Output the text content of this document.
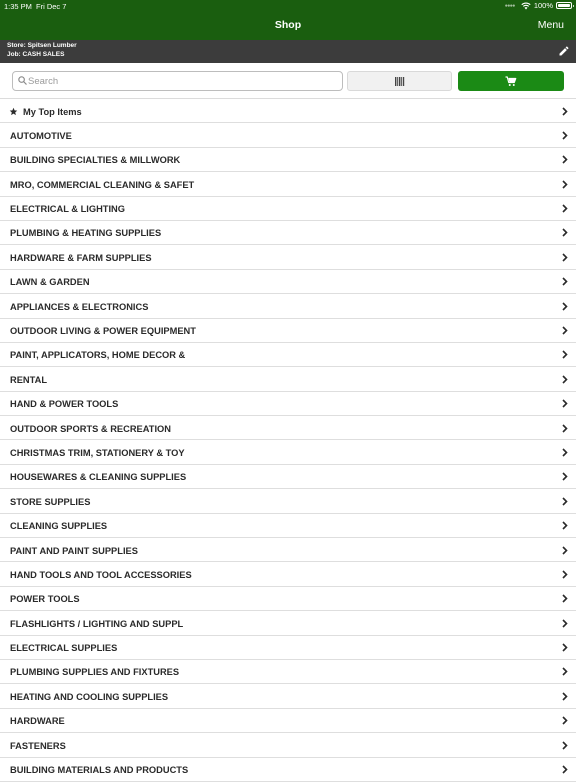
1:35 PM Fri Dec 7	●●●●	100%
Shop	Menu
Store: Spitsen Lumber
Job: CASH SALES
Search
My Top Items
AUTOMOTIVE
BUILDING SPECIALTIES & MILLWORK
MRO, COMMERCIAL CLEANING & SAFET
ELECTRICAL & LIGHTING
PLUMBING & HEATING SUPPLIES
HARDWARE & FARM SUPPLIES
LAWN & GARDEN
APPLIANCES & ELECTRONICS
OUTDOOR LIVING & POWER EQUIPMENT
PAINT, APPLICATORS, HOME DECOR &
RENTAL
HAND & POWER TOOLS
OUTDOOR SPORTS & RECREATION
CHRISTMAS TRIM, STATIONERY & TOY
HOUSEWARES & CLEANING SUPPLIES
STORE SUPPLIES
CLEANING SUPPLIES
PAINT AND PAINT SUPPLIES
HAND TOOLS AND TOOL ACCESSORIES
POWER TOOLS
FLASHLIGHTS / LIGHTING AND SUPPL
ELECTRICAL SUPPLIES
PLUMBING SUPPLIES AND FIXTURES
HEATING AND COOLING SUPPLIES
HARDWARE
FASTENERS
BUILDING MATERIALS AND PRODUCTS
